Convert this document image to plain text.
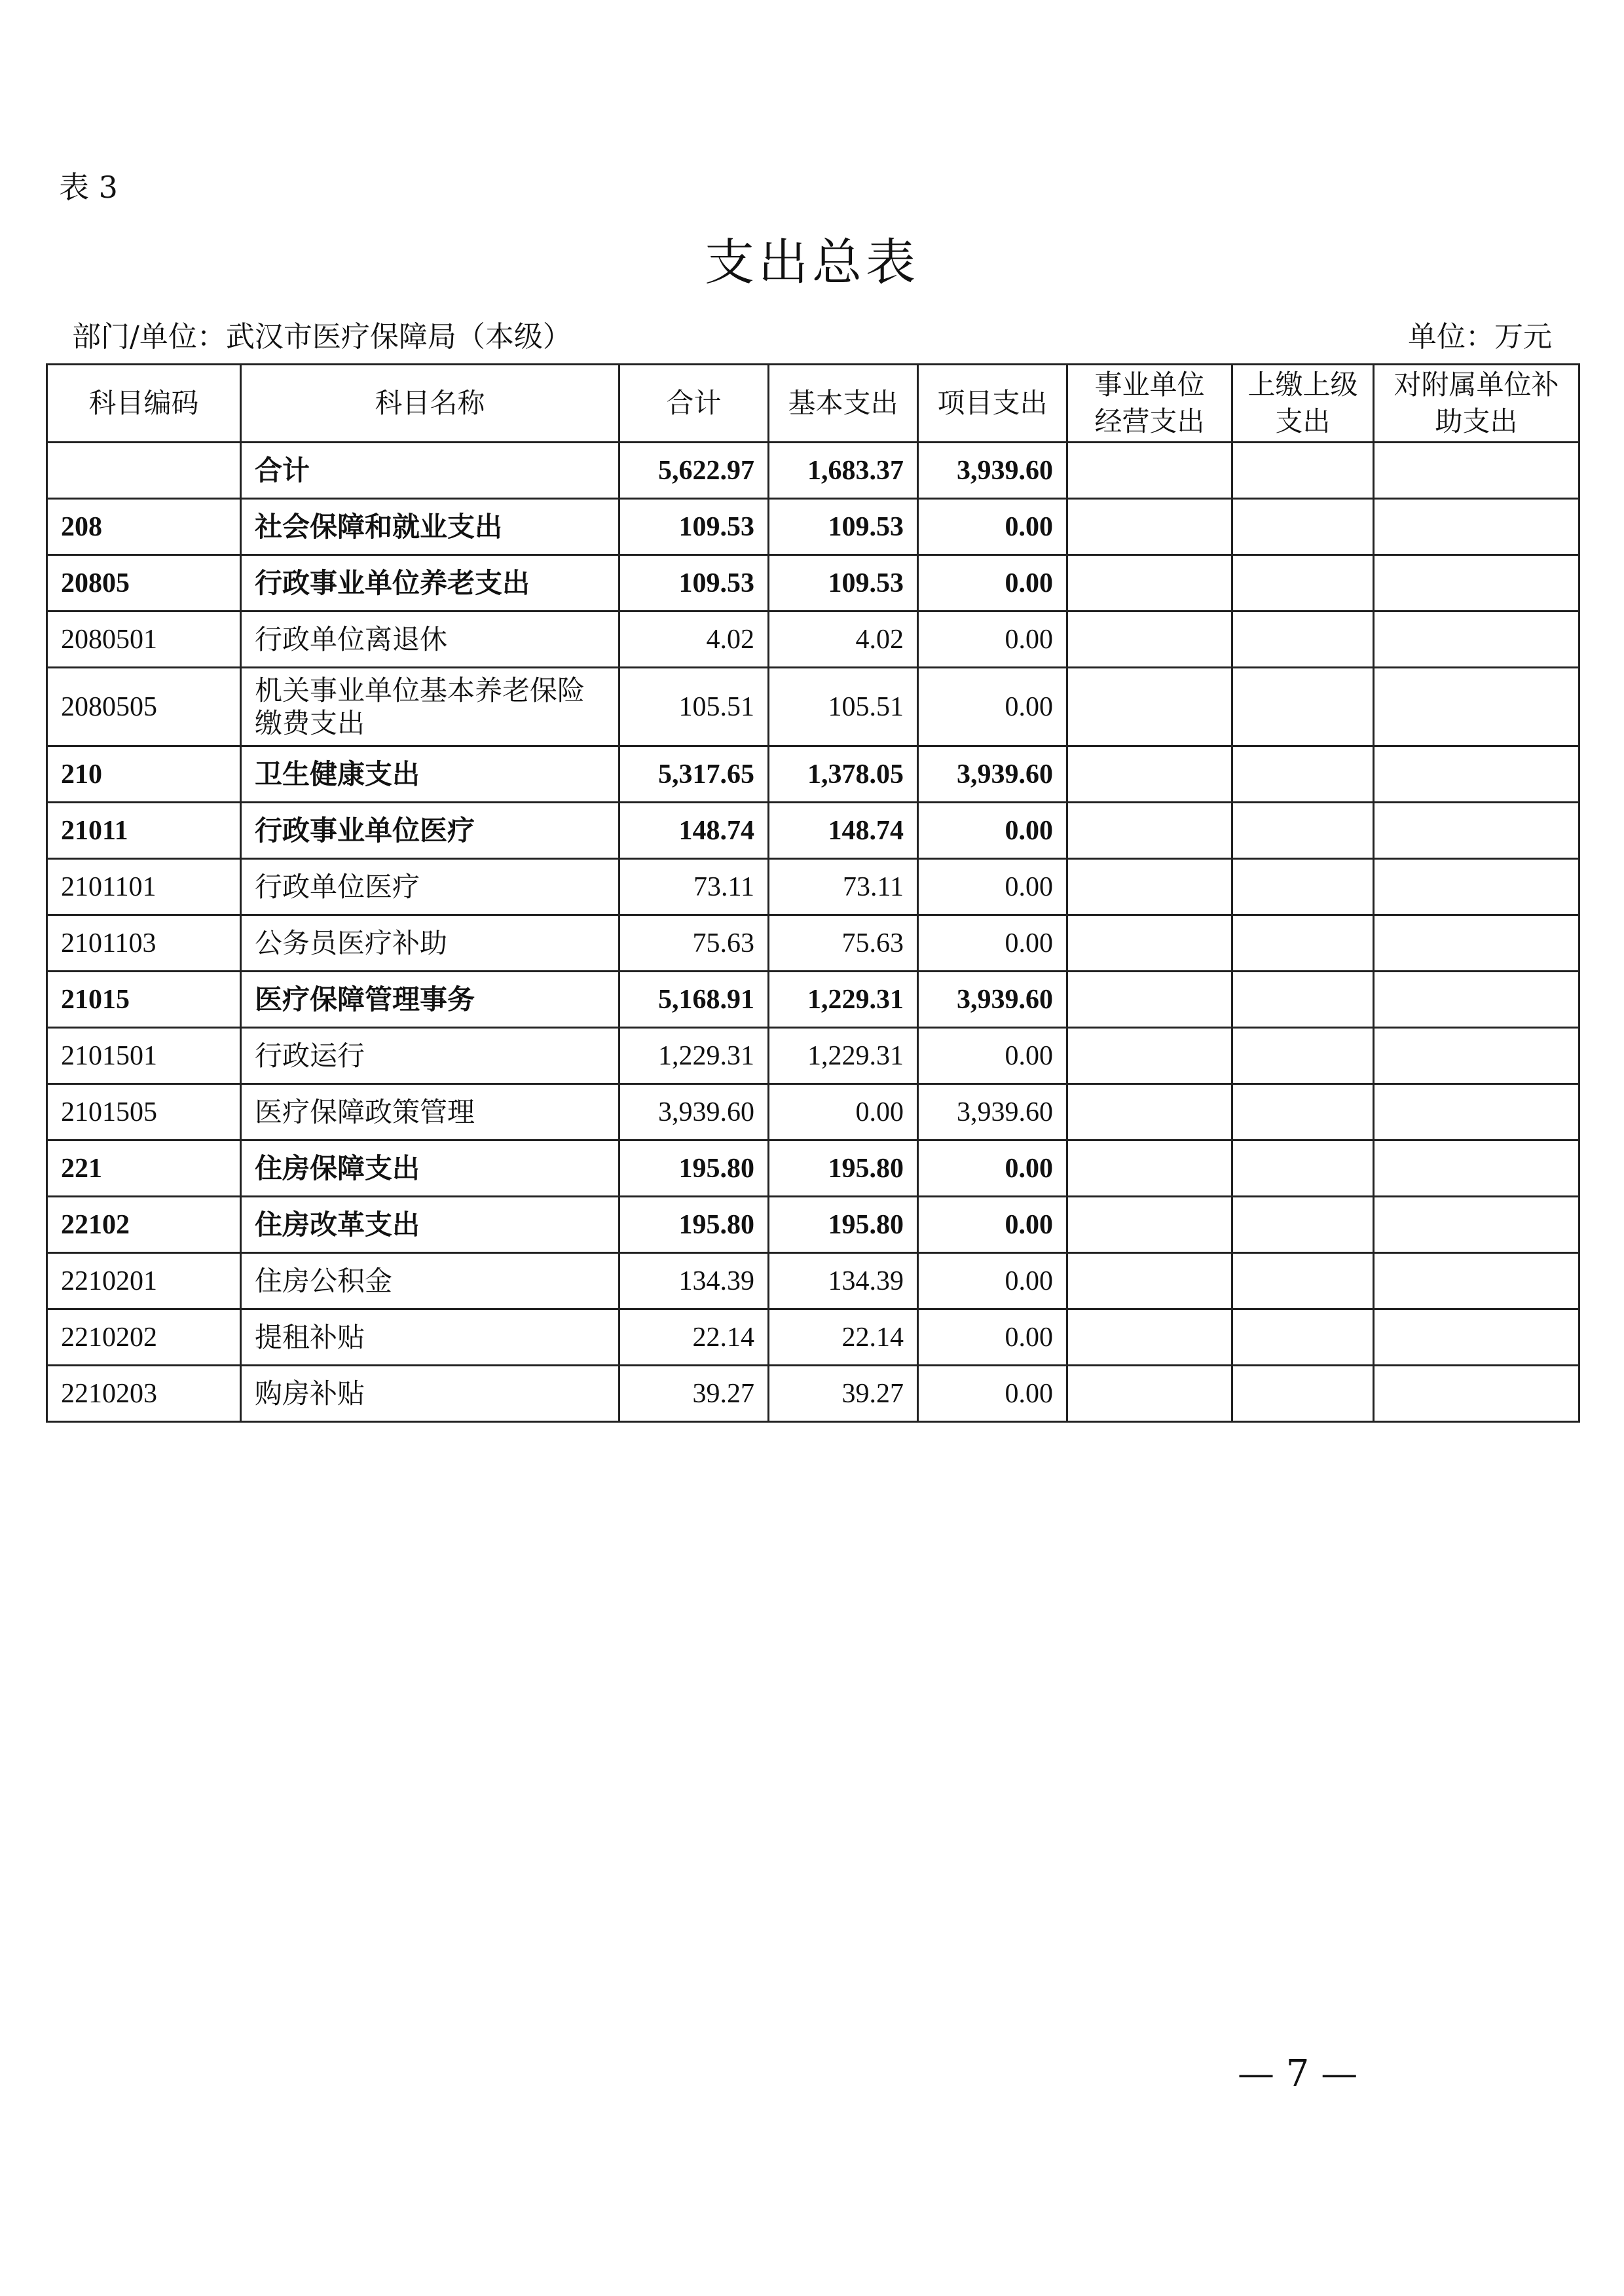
表 3
支出总表
部门/单位：武汉市医疗保障局（本级）	单位：万元
科目编码	科目名称	合计	基本支出	项目支出	事业单位经营支出	上缴上级支出	对附属单位补助支出
	合计	5,622.97	1,683.37	3,939.60			
208	社会保障和就业支出	109.53	109.53	0.00			
20805	行政事业单位养老支出	109.53	109.53	0.00			
2080501	行政单位离退休	4.02	4.02	0.00			
2080505	机关事业单位基本养老保险缴费支出	105.51	105.51	0.00			
210	卫生健康支出	5,317.65	1,378.05	3,939.60			
21011	行政事业单位医疗	148.74	148.74	0.00			
2101101	行政单位医疗	73.11	73.11	0.00			
2101103	公务员医疗补助	75.63	75.63	0.00			
21015	医疗保障管理事务	5,168.91	1,229.31	3,939.60			
2101501	行政运行	1,229.31	1,229.31	0.00			
2101505	医疗保障政策管理	3,939.60	0.00	3,939.60			
221	住房保障支出	195.80	195.80	0.00			
22102	住房改革支出	195.80	195.80	0.00			
2210201	住房公积金	134.39	134.39	0.00			
2210202	提租补贴	22.14	22.14	0.00			
2210203	购房补贴	39.27	39.27	0.00			
— 7 —
